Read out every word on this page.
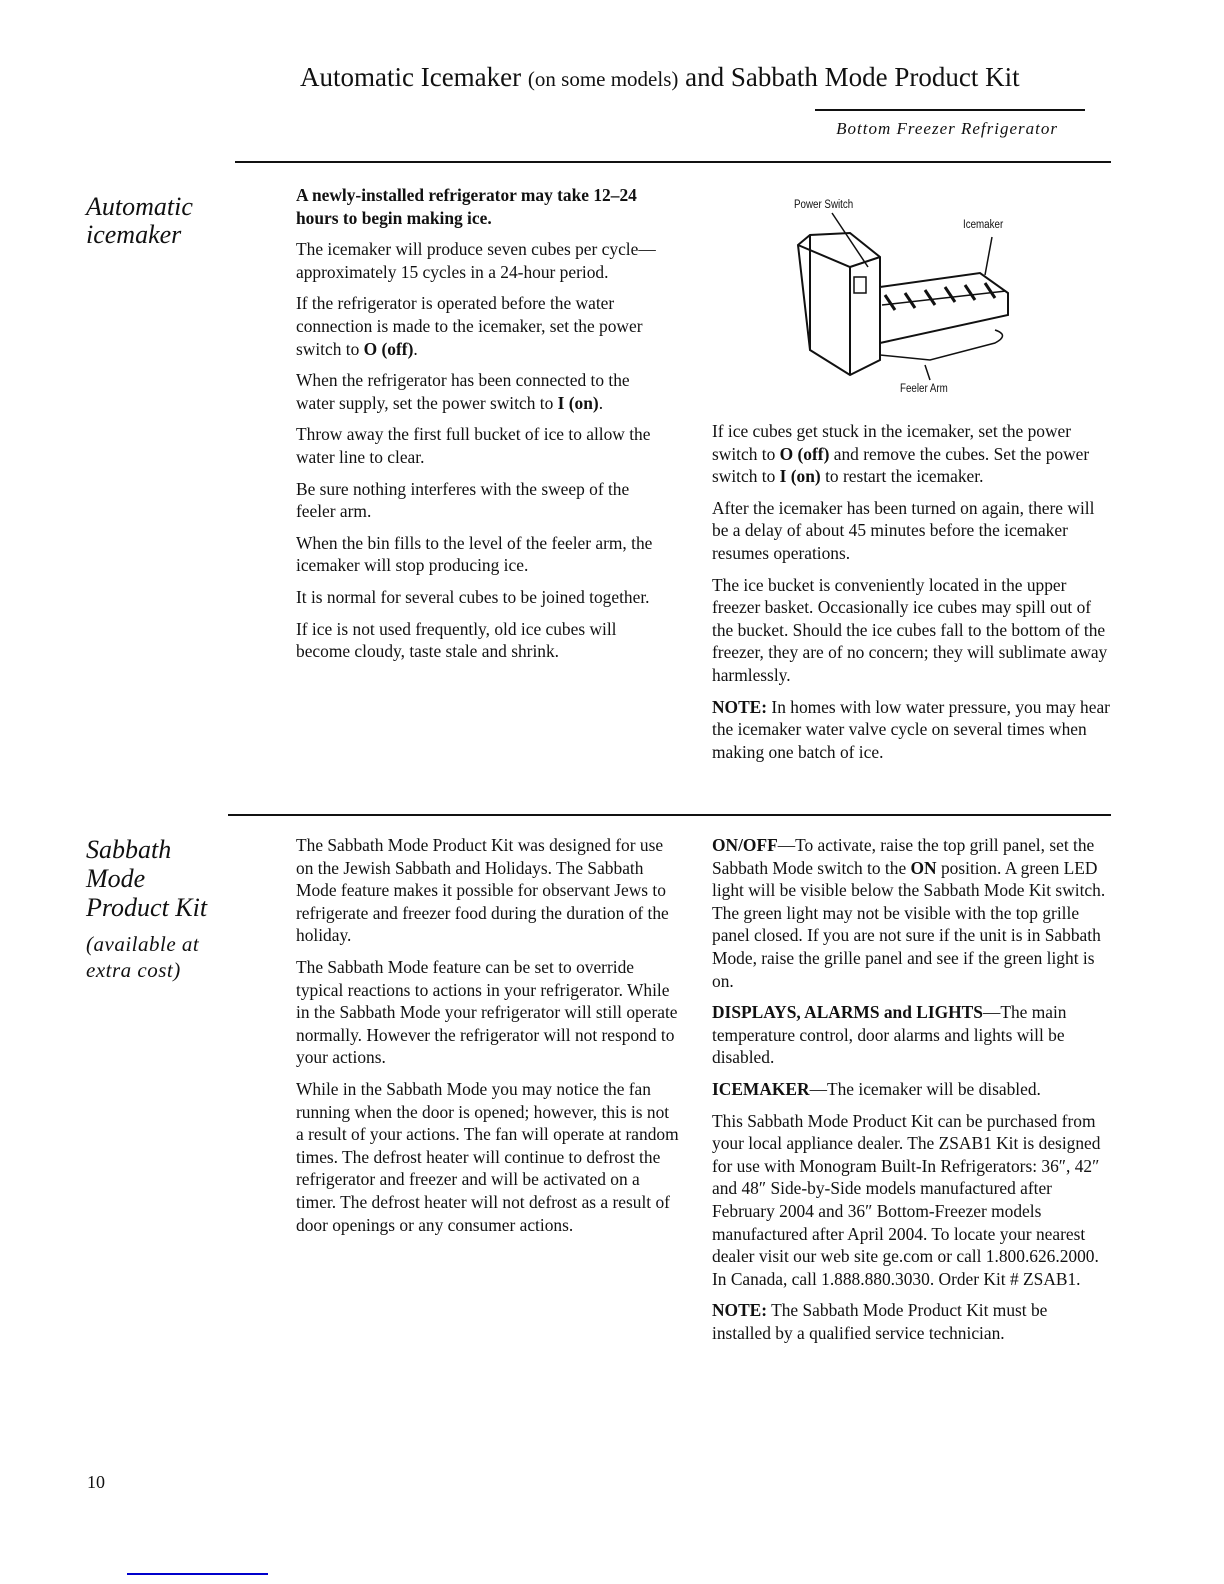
Automatic Icemaker (on some models) and Sabbath Mode Product Kit
Bottom Freezer Refrigerator
Automatic
icemaker

A newly-installed refrigerator may take 12–24 hours to begin making ice.

The icemaker will produce seven cubes per cycle—approximately 15 cycles in a 24-hour period.

If the refrigerator is operated before the water connection is made to the icemaker, set the power switch to O (off).

When the refrigerator has been connected to the water supply, set the power switch to I (on).

Throw away the first full bucket of ice to allow the water line to clear.

Be sure nothing interferes with the sweep of the feeler arm.

When the bin fills to the level of the feeler arm, the icemaker will stop producing ice.

It is normal for several cubes to be joined together.

If ice is not used frequently, old ice cubes will become cloudy, taste stale and shrink.

Power Switch
Icemaker
Feeler Arm

If ice cubes get stuck in the icemaker, set the power switch to O (off) and remove the cubes. Set the power switch to I (on) to restart the icemaker.

After the icemaker has been turned on again, there will be a delay of about 45 minutes before the icemaker resumes operations.

The ice bucket is conveniently located in the upper freezer basket. Occasionally ice cubes may spill out of the bucket. Should the ice cubes fall to the bottom of the freezer, they are of no concern; they will sublimate away harmlessly.

NOTE: In homes with low water pressure, you may hear the icemaker water valve cycle on several times when making one batch of ice.

Sabbath
Mode
Product Kit
(available at
extra cost)

The Sabbath Mode Product Kit was designed for use on the Jewish Sabbath and Holidays. The Sabbath Mode feature makes it possible for observant Jews to refrigerate and freezer food during the duration of the holiday.

The Sabbath Mode feature can be set to override typical reactions to actions in your refrigerator. While in the Sabbath Mode your refrigerator will still operate normally. However the refrigerator will not respond to your actions.

While in the Sabbath Mode you may notice the fan running when the door is opened; however, this is not a result of your actions. The fan will operate at random times. The defrost heater will continue to defrost the refrigerator and freezer and will be activated on a timer. The defrost heater will not defrost as a result of door openings or any consumer actions.

ON/OFF—To activate, raise the top grill panel, set the Sabbath Mode switch to the ON position. A green LED light will be visible below the Sabbath Mode Kit switch. The green light may not be visible with the top grille panel closed. If you are not sure if the unit is in Sabbath Mode, raise the grille panel and see if the green light is on.

DISPLAYS, ALARMS and LIGHTS—The main temperature control, door alarms and lights will be disabled.

ICEMAKER—The icemaker will be disabled.

This Sabbath Mode Product Kit can be purchased from your local appliance dealer. The ZSAB1 Kit is designed for use with Monogram Built-In Refrigerators: 36″, 42″ and 48″ Side-by-Side models manufactured after February 2004 and 36″ Bottom-Freezer models manufactured after April 2004. To locate your nearest dealer visit our web site ge.com or call 1.800.626.2000. In Canada, call 1.888.880.3030. Order Kit # ZSAB1.

NOTE: The Sabbath Mode Product Kit must be installed by a qualified service technician.

10
